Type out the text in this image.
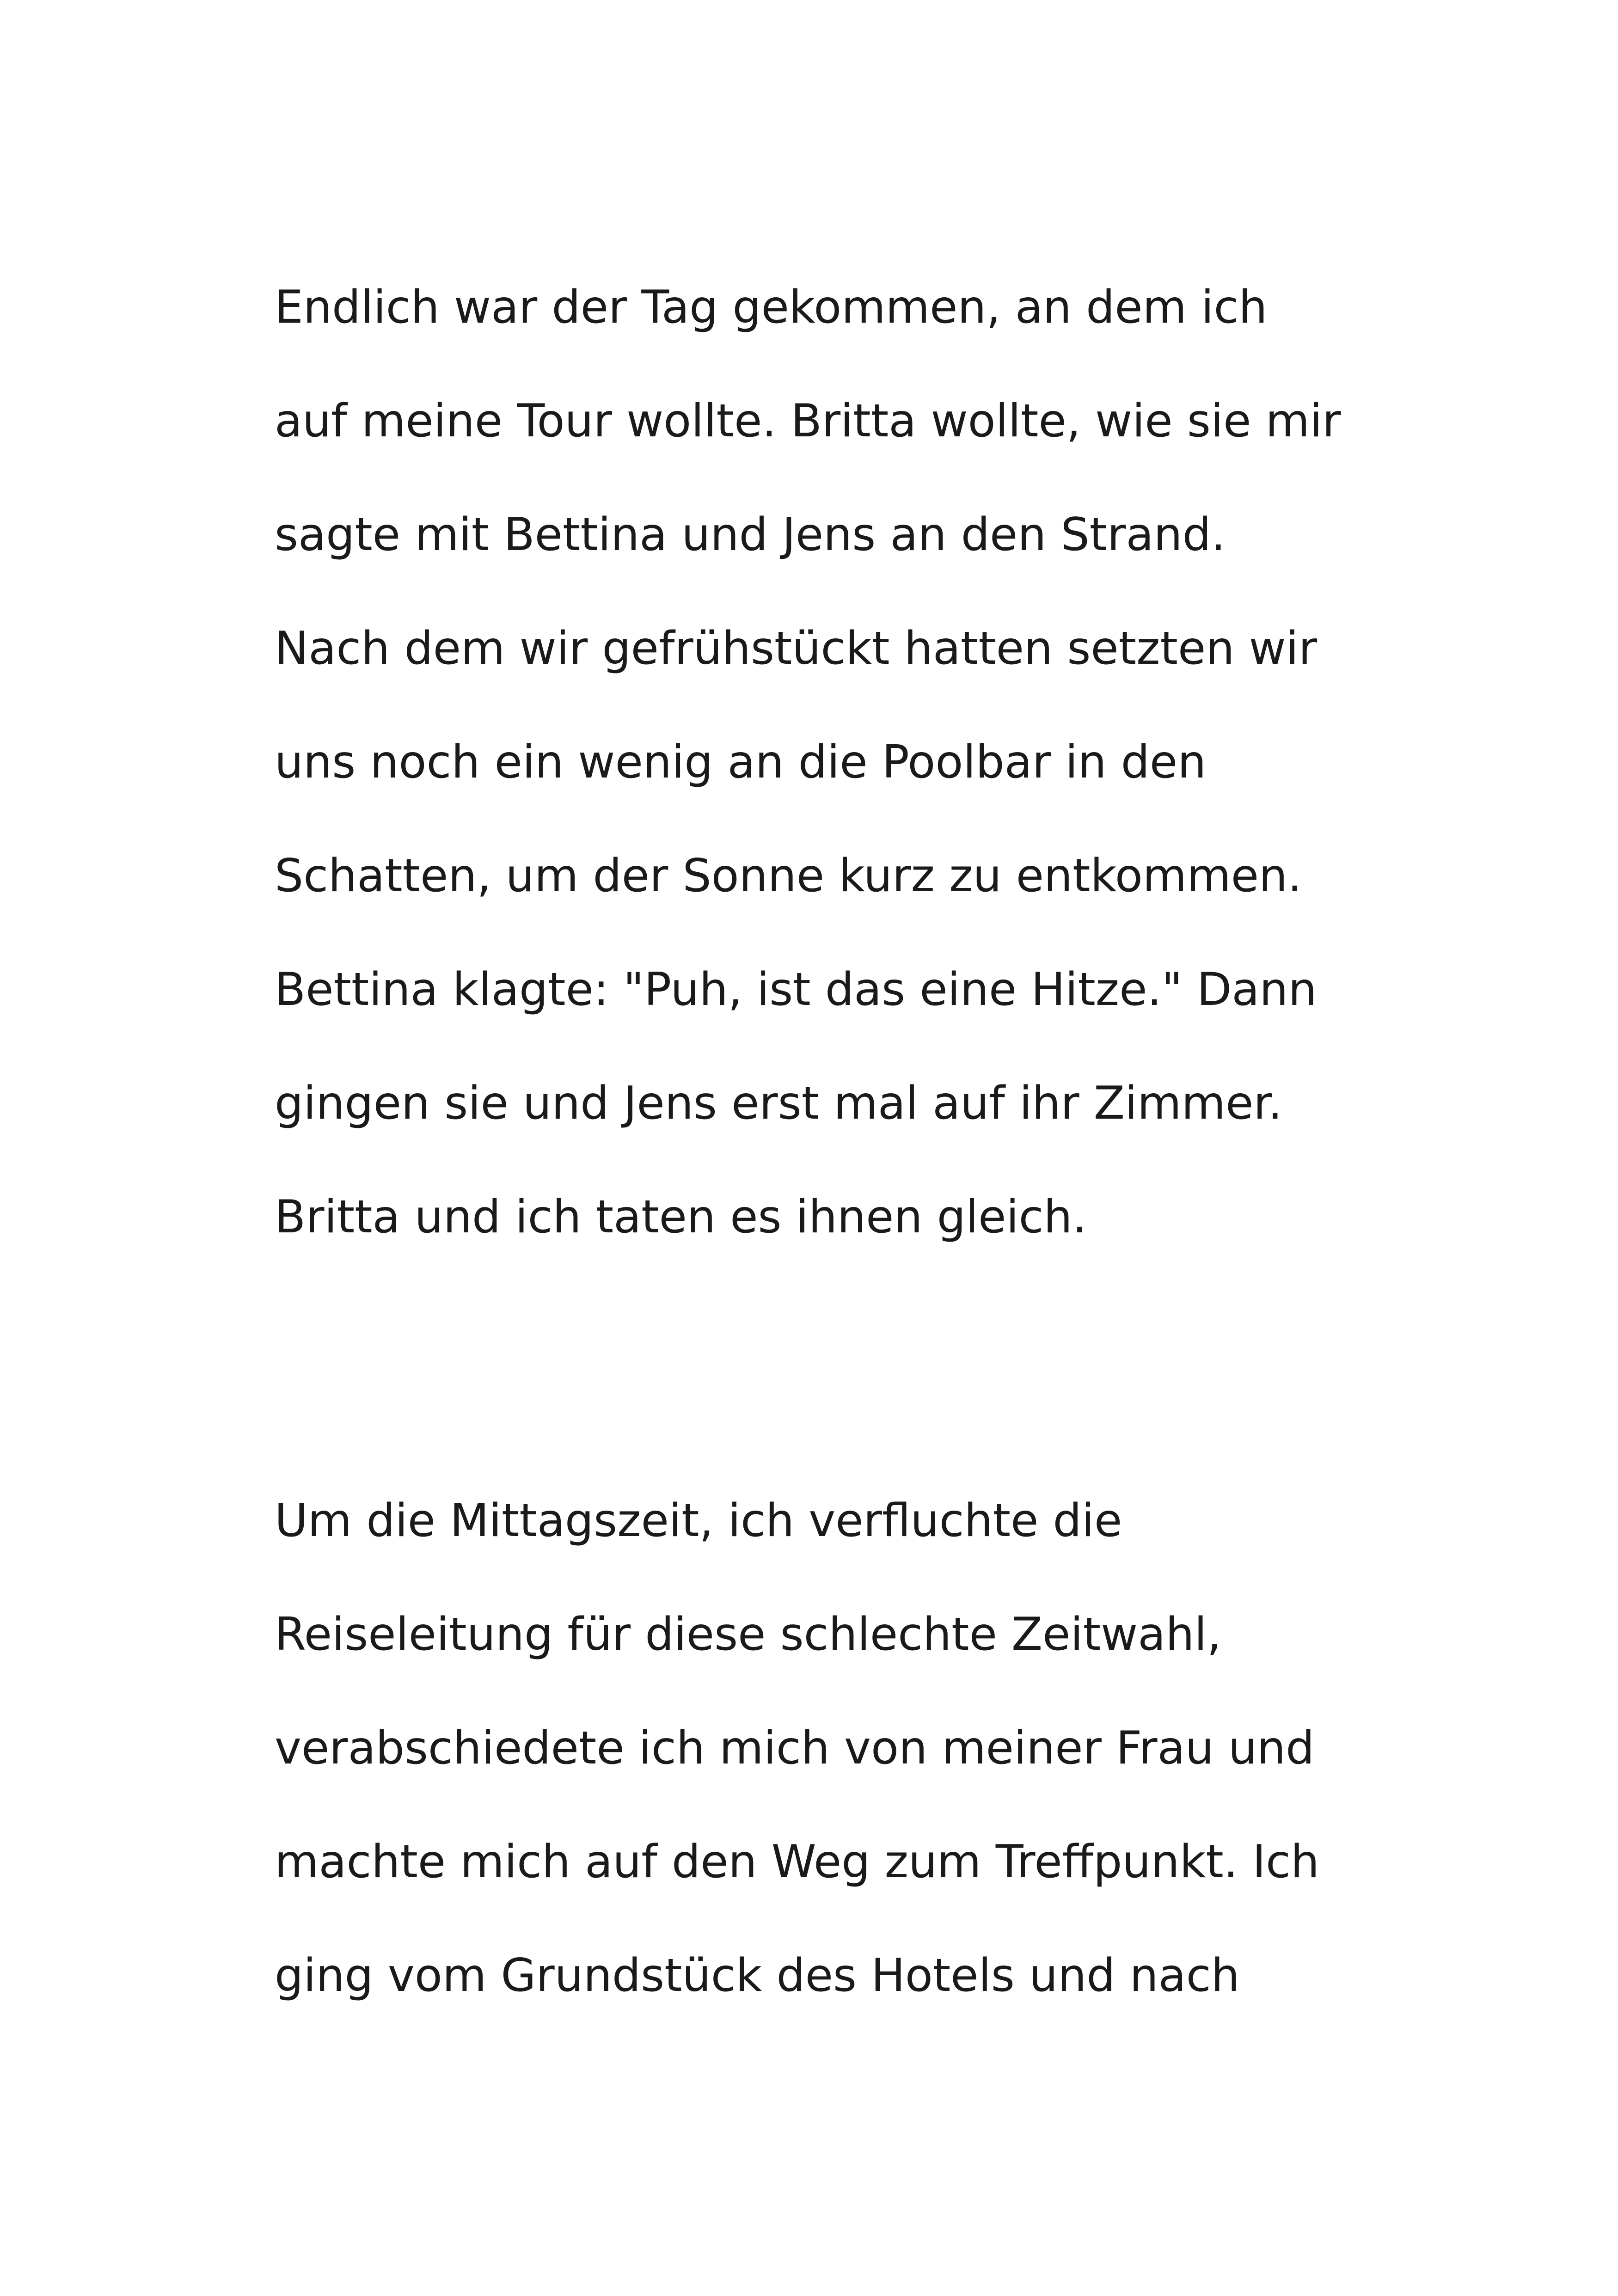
Endlich war der Tag gekommen, an dem ich

auf meine Tour wollte. Britta wollte, wie sie mir

sagte mit Bettina und Jens an den Strand.

Nach dem wir gefrühstückt hatten setzten wir

uns noch ein wenig an die Poolbar in den

Schatten, um der Sonne kurz zu entkommen.

Bettina klagte: "Puh, ist das eine Hitze." Dann

gingen sie und Jens erst mal auf ihr Zimmer.

Britta und ich taten es ihnen gleich.

Um die Mittagszeit, ich verfluchte die

Reiseleitung für diese schlechte Zeitwahl,

verabschiedete ich mich von meiner Frau und

machte mich auf den Weg zum Treffpunkt. Ich

ging vom Grundstück des Hotels und nach
